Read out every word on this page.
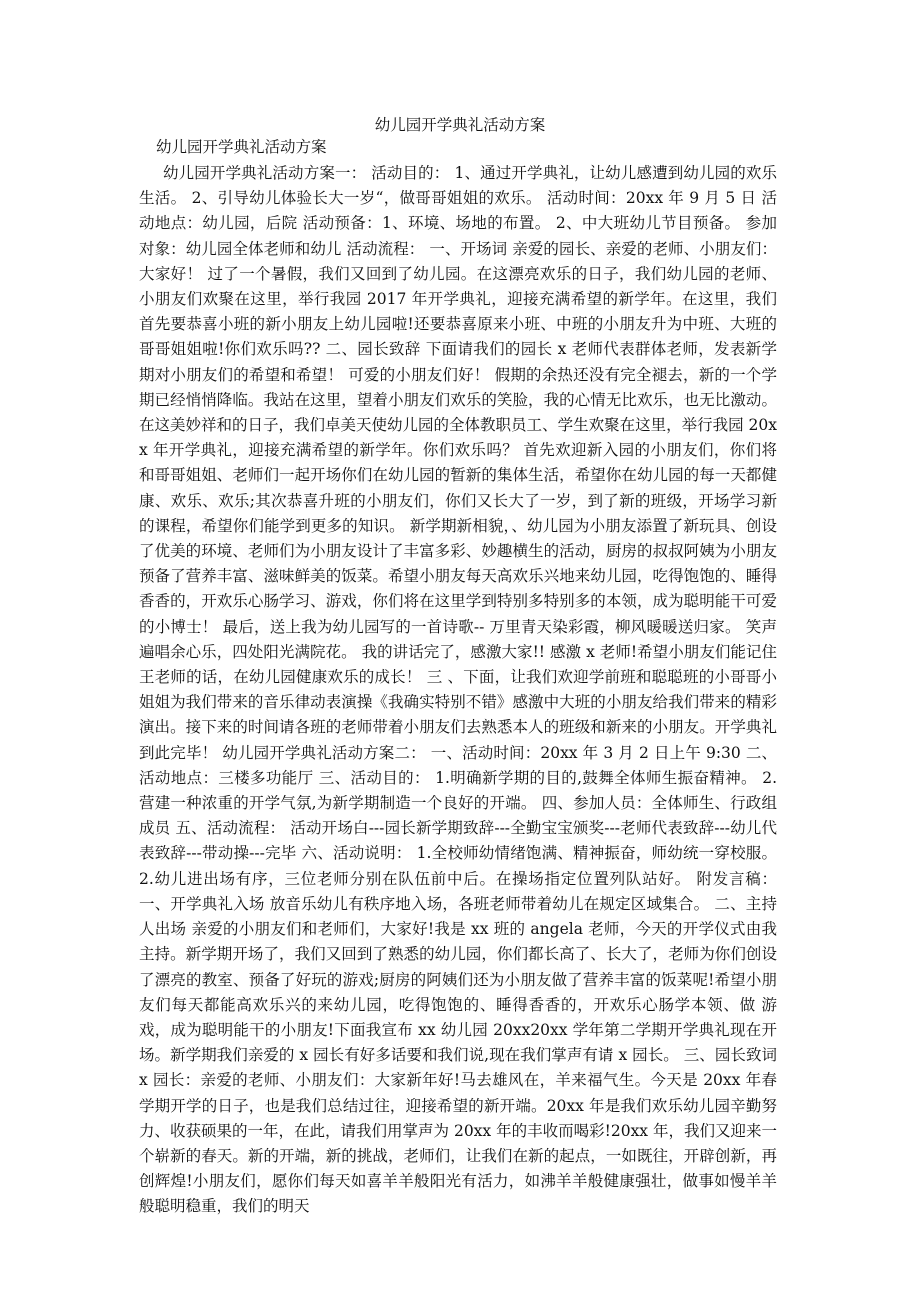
幼儿园开学典礼活动方案
幼儿园开学典礼活动方案
幼儿园开学典礼活动方案一： 活动目的： 1、通过开学典礼，让幼儿感遭到幼儿园的欢乐生活。 2、引导幼儿体验长大一岁“，做哥哥姐姐的欢乐。 活动时间：20xx 年 9 月 5 日 活动地点：幼儿园，后院 活动预备：1、环境、场地的布置。 2、中大班幼儿节目预备。 参加对象：幼儿园全体老师和幼儿 活动流程： 一、开场词 亲爱的园长、亲爱的老师、小朋友们： 大家好！ 过了一个暑假，我们又回到了幼儿园。在这漂亮欢乐的日子，我们幼儿园的老师、小朋友们欢聚在这里，举行我园 2017 年开学典礼，迎接充满希望的新学年。在这里，我们首先要恭喜小班的新小朋友上幼儿园啦!还要恭喜原来小班、中班的小朋友升为中班、大班的哥哥姐姐啦!你们欢乐吗?? 二、园长致辞 下面请我们的园长 x 老师代表群体老师，发表新学期对小朋友们的希望和希望！ 可爱的小朋友们好！ 假期的余热还没有完全褪去，新的一个学期已经悄悄降临。我站在这里，望着小朋友们欢乐的笑脸，我的心情无比欢乐，也无比激动。在这美妙祥和的日子，我们卓美天使幼儿园的全体教职员工、学生欢聚在这里，举行我园 20xx 年开学典礼，迎接充满希望的新学年。你们欢乐吗？ 首先欢迎新入园的小朋友们，你们将和哥哥姐姐、老师们一起开场你们在幼儿园的暂新的集体生活，希望你在幼儿园的每一天都健康、欢乐、欢乐;其次恭喜升班的小朋友们，你们又长大了一岁，到了新的班级，开场学习新的课程，希望你们能学到更多的知识。 新学期新相貌，、幼儿园为小朋友添置了新玩具、创设了优美的环境、老师们为小朋友设计了丰富多彩、妙趣横生的活动，厨房的叔叔阿姨为小朋友预备了营养丰富、滋味鲜美的饭菜。希望小朋友每天高欢乐兴地来幼儿园，吃得饱饱的、睡得香香的，开欢乐心肠学习、游戏，你们将在这里学到特别多特别多的本领，成为聪明能干可爱的小博士！ 最后，送上我为幼儿园写的一首诗歌-- 万里青天染彩霞，柳风暖暖送归家。 笑声遍唱余心乐，四处阳光满院花。 我的讲话完了，感激大家!! 感激 x 老师!希望小朋友们能记住王老师的话，在幼儿园健康欢乐的成长！ 三 、下面，让我们欢迎学前班和聪聪班的小哥哥小姐姐为我们带来的音乐律动表演操《我确实特别不错》感激中大班的小朋友给我们带来的精彩演出。接下来的时间请各班的老师带着小朋友们去熟悉本人的班级和新来的小朋友。开学典礼到此完毕！ 幼儿园开学典礼活动方案二： 一、活动时间：20xx 年 3 月 2 日上午 9:30 二、活动地点：三楼多功能厅 三、活动目的： 1.明确新学期的目的,鼓舞全体师生振奋精神。 2.营建一种浓重的开学气氛,为新学期制造一个良好的开端。 四、参加人员：全体师生、行政组成员 五、活动流程： 活动开场白---园长新学期致辞---全勤宝宝颁奖---老师代表致辞---幼儿代表致辞---带动操---完毕 六、活动说明： 1.全校师幼情绪饱满、精神振奋，师幼统一穿校服。 2.幼儿进出场有序，三位老师分别在队伍前中后。在操场指定位置列队站好。 附发言稿： 一、开学典礼入场 放音乐幼儿有秩序地入场，各班老师带着幼儿在规定区域集合。 二、主持人出场 亲爱的小朋友们和老师们，大家好!我是 xx 班的 angela 老师，今天的开学仪式由我主持。新学期开场了，我们又回到了熟悉的幼儿园，你们都长高了、长大了，老师为你们创设了漂亮的教室、预备了好玩的游戏;厨房的阿姨们还为小朋友做了营养丰富的饭菜呢!希望小朋友们每天都能高欢乐兴的来幼儿园，吃得饱饱的、睡得香香的，开欢乐心肠学本领、做 游戏，成为聪明能干的小朋友!下面我宣布 xx 幼儿园 20xx20xx 学年第二学期开学典礼现在开场。新学期我们亲爱的 x 园长有好多话要和我们说,现在我们掌声有请 x 园长。 三、园长致词 x 园长：亲爱的老师、小朋友们：大家新年好!马去雄风在，羊来福气生。今天是 20xx 年春学期开学的日子，也是我们总结过往，迎接希望的新开端。20xx 年是我们欢乐幼儿园辛勤努力、收获硕果的一年，在此，请我们用掌声为 20xx 年的丰收而喝彩!20xx 年，我们又迎来一个崭新的春天。新的开端，新的挑战，老师们，让我们在新的起点，一如既往，开辟创新，再创辉煌!小朋友们，愿你们每天如喜羊羊般阳光有活力，如沸羊羊般健康强壮，做事如慢羊羊般聪明稳重，我们的明天
